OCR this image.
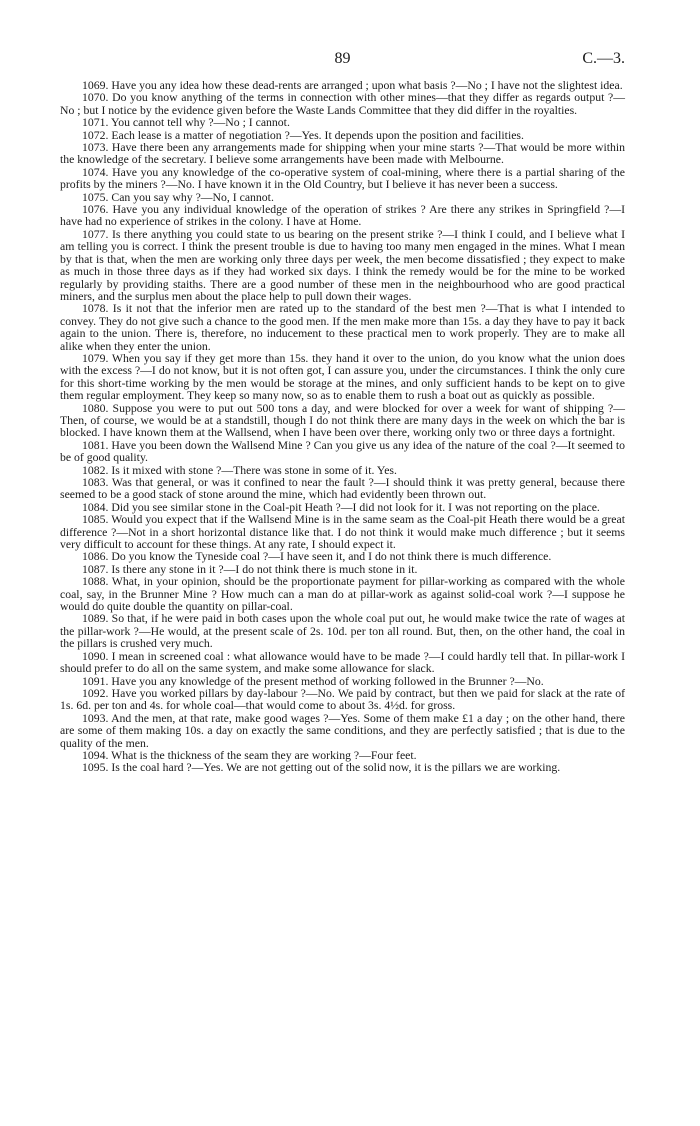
89	C.—3.

1069. Have you any idea how these dead-rents are arranged ; upon what basis ?—No ; I have not the slightest idea.

1070. Do you know anything of the terms in connection with other mines—that they differ as regards output ?—No ; but I notice by the evidence given before the Waste Lands Committee that they did differ in the royalties.

1071. You cannot tell why ?—No ; I cannot.

1072. Each lease is a matter of negotiation ?—Yes. It depends upon the position and facilities.

1073. Have there been any arrangements made for shipping when your mine starts ?—That would be more within the knowledge of the secretary. I believe some arrangements have been made with Melbourne.

1074. Have you any knowledge of the co-operative system of coal-mining, where there is a partial sharing of the profits by the miners ?—No. I have known it in the Old Country, but I believe it has never been a success.

1075. Can you say why ?—No, I cannot.

1076. Have you any individual knowledge of the operation of strikes ? Are there any strikes in Springfield ?—I have had no experience of strikes in the colony. I have at Home.

1077. Is there anything you could state to us bearing on the present strike ?—I think I could, and I believe what I am telling you is correct. I think the present trouble is due to having too many men engaged in the mines. What I mean by that is that, when the men are working only three days per week, the men become dissatisfied ; they expect to make as much in those three days as if they had worked six days. I think the remedy would be for the mine to be worked regularly by providing staiths. There are a good number of these men in the neighbourhood who are good practical miners, and the surplus men about the place help to pull down their wages.

1078. Is it not that the inferior men are rated up to the standard of the best men ?—That is what I intended to convey. They do not give such a chance to the good men. If the men make more than 15s. a day they have to pay it back again to the union. There is, therefore, no inducement to these practical men to work properly. They are to make all alike when they enter the union.

1079. When you say if they get more than 15s. they hand it over to the union, do you know what the union does with the excess ?—I do not know, but it is not often got, I can assure you, under the circumstances. I think the only cure for this short-time working by the men would be storage at the mines, and only sufficient hands to be kept on to give them regular employment. They keep so many now, so as to enable them to rush a boat out as quickly as possible.

1080. Suppose you were to put out 500 tons a day, and were blocked for over a week for want of shipping ?—Then, of course, we would be at a standstill, though I do not think there are many days in the week on which the bar is blocked. I have known them at the Wallsend, when I have been over there, working only two or three days a fortnight.

1081. Have you been down the Wallsend Mine ? Can you give us any idea of the nature of the coal ?—It seemed to be of good quality.

1082. Is it mixed with stone ?—There was stone in some of it. Yes.

1083. Was that general, or was it confined to near the fault ?—I should think it was pretty general, because there seemed to be a good stack of stone around the mine, which had evidently been thrown out.

1084. Did you see similar stone in the Coal-pit Heath ?—I did not look for it. I was not reporting on the place.

1085. Would you expect that if the Wallsend Mine is in the same seam as the Coal-pit Heath there would be a great difference ?—Not in a short horizontal distance like that. I do not think it would make much difference ; but it seems very difficult to account for these things. At any rate, I should expect it.

1086. Do you know the Tyneside coal ?—I have seen it, and I do not think there is much difference.

1087. Is there any stone in it ?—I do not think there is much stone in it.

1088. What, in your opinion, should be the proportionate payment for pillar-working as compared with the whole coal, say, in the Brunner Mine ? How much can a man do at pillar-work as against solid-coal work ?—I suppose he would do quite double the quantity on pillar-coal.

1089. So that, if he were paid in both cases upon the whole coal put out, he would make twice the rate of wages at the pillar-work ?—He would, at the present scale of 2s. 10d. per ton all round. But, then, on the other hand, the coal in the pillars is crushed very much.

1090. I mean in screened coal : what allowance would have to be made ?—I could hardly tell that. In pillar-work I should prefer to do all on the same system, and make some allowance for slack.

1091. Have you any knowledge of the present method of working followed in the Brunner ?—No.

1092. Have you worked pillars by day-labour ?—No. We paid by contract, but then we paid for slack at the rate of 1s. 6d. per ton and 4s. for whole coal—that would come to about 3s. 4½d. for gross.

1093. And the men, at that rate, make good wages ?—Yes. Some of them make £1 a day ; on the other hand, there are some of them making 10s. a day on exactly the same conditions, and they are perfectly satisfied ; that is due to the quality of the men.

1094. What is the thickness of the seam they are working ?—Four feet.

1095. Is the coal hard ?—Yes. We are not getting out of the solid now, it is the pillars we are working.
